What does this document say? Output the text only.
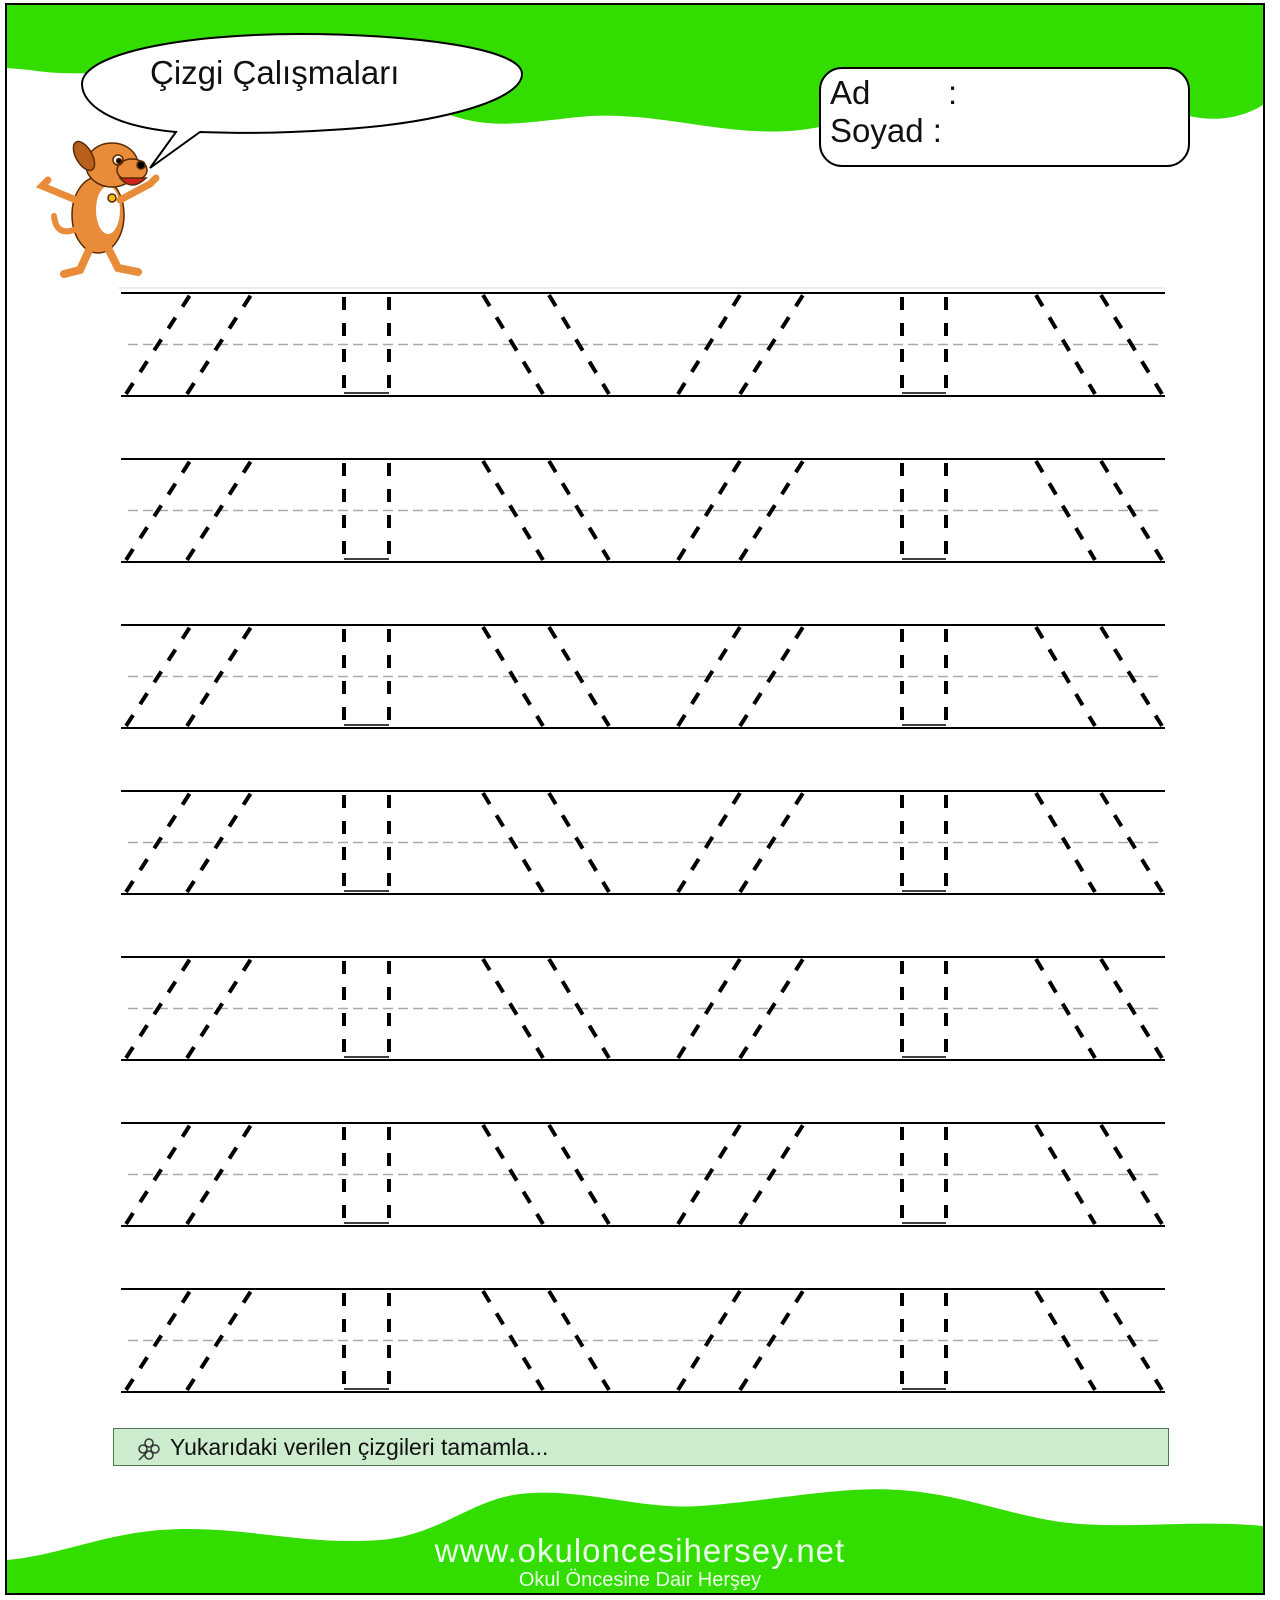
Çizgi Çalışmaları
Ad :
Soyad :
Yukarıdaki verilen çizgileri tamamla...
www.okuloncesihersey.net
Okul Öncesine Dair Herşey
